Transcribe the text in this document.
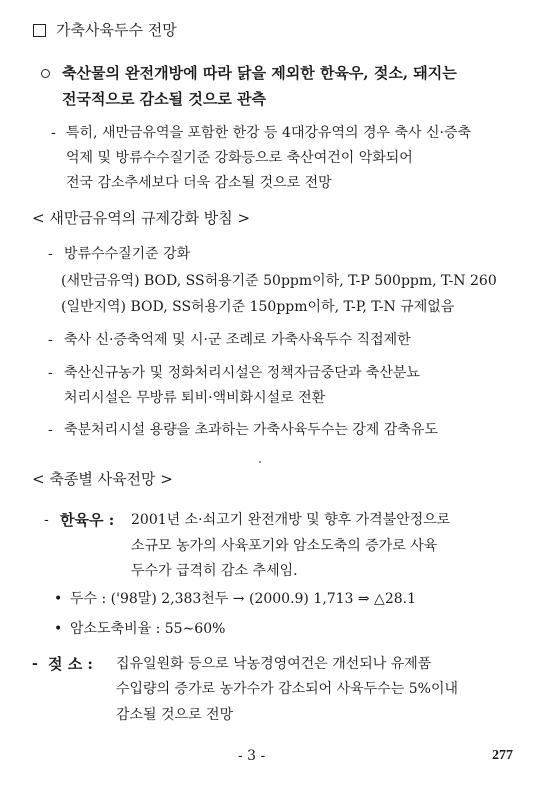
가축사육두수 전망
축산물의 완전개방에 따라 닭을 제외한 한육우, 젖소, 돼지는
전국적으로 감소될 것으로 관측
- 특히, 새만금유역을 포함한 한강 등 4대강유역의 경우 축사 신·증축
억제 및 방류수수질기준 강화등으로 축산여건이 악화되어
전국 감소추세보다 더욱 감소될 것으로 전망
< 새만금유역의 규제강화 방침 >
- 방류수수질기준 강화
(새만금유역) BOD, SS허용기준 50ppm이하, T-P 500ppm, T-N 260
(일반지역) BOD, SS허용기준 150ppm이하, T-P, T-N 규제없음
- 축사 신·증축억제 및 시·군 조례로 가축사육두수 직접제한
- 축산신규농가 및 정화처리시설은 정책자금중단과 축산분뇨
처리시설은 무방류 퇴비·액비화시설로 전환
- 축분처리시설 용량을 초과하는 가축사육두수는 강제 감축유도
< 축종별 사육전망 >
- 한육우 : 2001년 소·쇠고기 완전개방 및 향후 가격불안정으로
소규모 농가의 사육포기와 암소도축의 증가로 사육
두수가 급격히 감소 추세임.
• 두수 : ('98말) 2,383천두 → (2000.9) 1,713 ⇒ △28.1
• 암소도축비율 : 55∼60%
- 젖 소 : 집유일원화 등으로 낙농경영여건은 개선되나 유제품
수입량의 증가로 농가수가 감소되어 사육두수는 5%이내
감소될 것으로 전망
- 3 -	277
